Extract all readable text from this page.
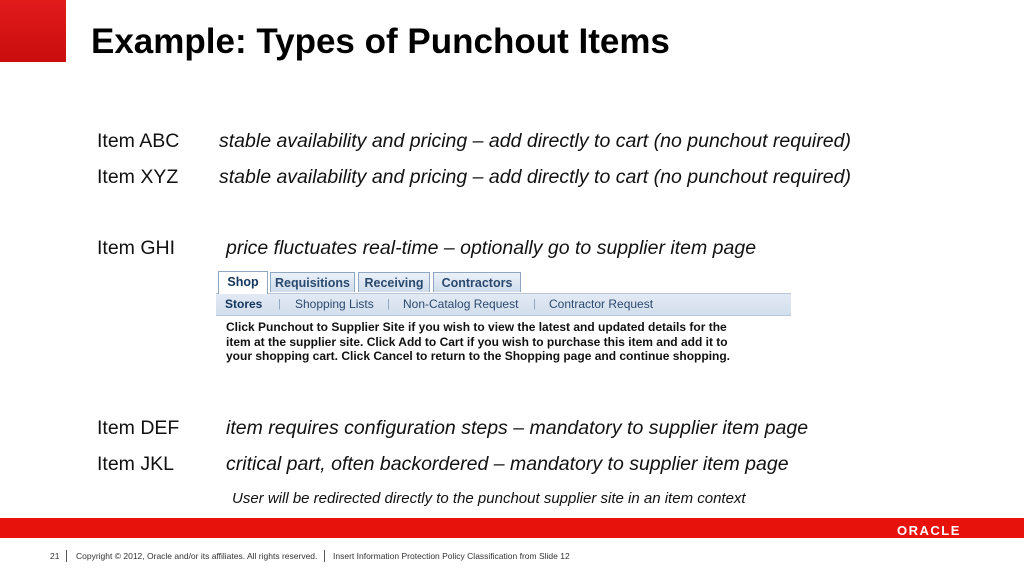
Example: Types of Punchout Items
Item ABC stable availability and pricing – add directly to cart (no punchout required)
Item XYZ stable availability and pricing – add directly to cart (no punchout required)
Item GHI	price fluctuates real-time – optionally go to supplier item page
Shop	Requisitions	Receiving	Contractors
Stores | Shopping Lists | Non-Catalog Request | Contractor Request
Click Punchout to Supplier Site if you wish to view the latest and updated details for the
item at the supplier site. Click Add to Cart if you wish to purchase this item and add it to
your shopping cart. Click Cancel to return to the Shopping page and continue shopping.
Item DEF item requires configuration steps – mandatory to supplier item page
Item JKL	critical part, often backordered – mandatory to supplier item page
User will be redirected directly to the punchout supplier site in an item context
ORACLE
21 Copyright © 2012, Oracle and/or its affiliates. All rights reserved. Insert Information Protection Policy Classification from Slide 12
